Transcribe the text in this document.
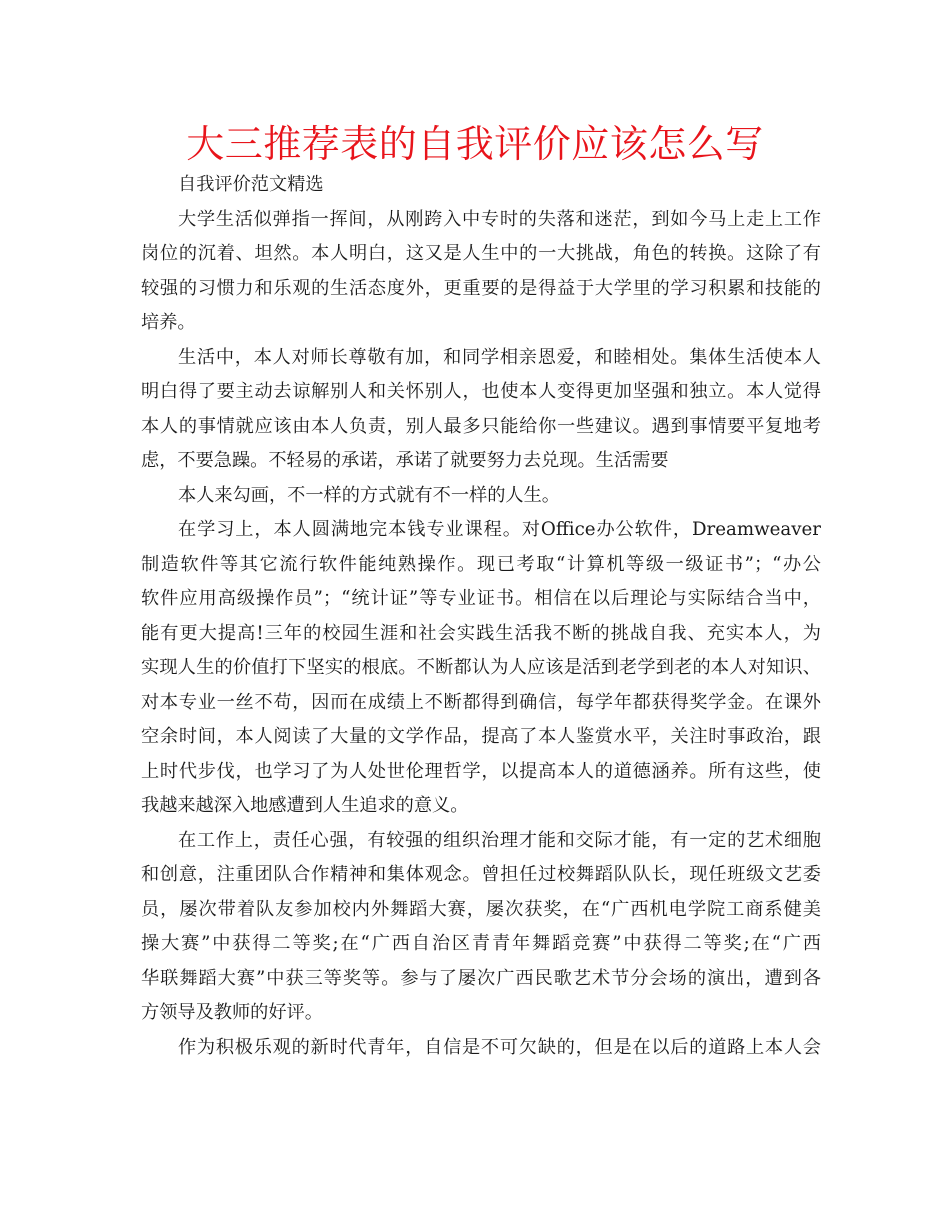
大三推荐表的自我评价应该怎么写
自我评价范文精选
大学生活似弹指一挥间，从刚跨入中专时的失落和迷茫，到如今马上走上工作
岗位的沉着、坦然。本人明白，这又是人生中的一大挑战，角色的转换。这除了有
较强的习惯力和乐观的生活态度外，更重要的是得益于大学里的学习积累和技能的
培养。
生活中，本人对师长尊敬有加，和同学相亲恩爱，和睦相处。集体生活使本人
明白得了要主动去谅解别人和关怀别人，也使本人变得更加坚强和独立。本人觉得
本人的事情就应该由本人负责，别人最多只能给你一些建议。遇到事情要平复地考
虑，不要急躁。不轻易的承诺，承诺了就要努力去兑现。生活需要
本人来勾画，不一样的方式就有不一样的人生。
在学习上，本人圆满地完本钱专业课程。对Office办公软件，Dreamweaver
制造软件等其它流行软件能纯熟操作。现已考取“计算机等级一级证书”；“办公
软件应用高级操作员”；“统计证”等专业证书。相信在以后理论与实际结合当中，
能有更大提高!三年的校园生涯和社会实践生活我不断的挑战自我、充实本人，为
实现人生的价值打下坚实的根底。不断都认为人应该是活到老学到老的本人对知识、
对本专业一丝不苟，因而在成绩上不断都得到确信，每学年都获得奖学金。在课外
空余时间，本人阅读了大量的文学作品，提高了本人鉴赏水平，关注时事政治，跟
上时代步伐，也学习了为人处世伦理哲学，以提高本人的道德涵养。所有这些，使
我越来越深入地感遭到人生追求的意义。
在工作上，责任心强，有较强的组织治理才能和交际才能，有一定的艺术细胞
和创意，注重团队合作精神和集体观念。曾担任过校舞蹈队队长，现任班级文艺委
员，屡次带着队友参加校内外舞蹈大赛，屡次获奖，在“广西机电学院工商系健美
操大赛”中获得二等奖;在“广西自治区青青年舞蹈竞赛”中获得二等奖;在“广西
华联舞蹈大赛”中获三等奖等。参与了屡次广西民歌艺术节分会场的演出，遭到各
方领导及教师的好评。
作为积极乐观的新时代青年，自信是不可欠缺的，但是在以后的道路上本人会
